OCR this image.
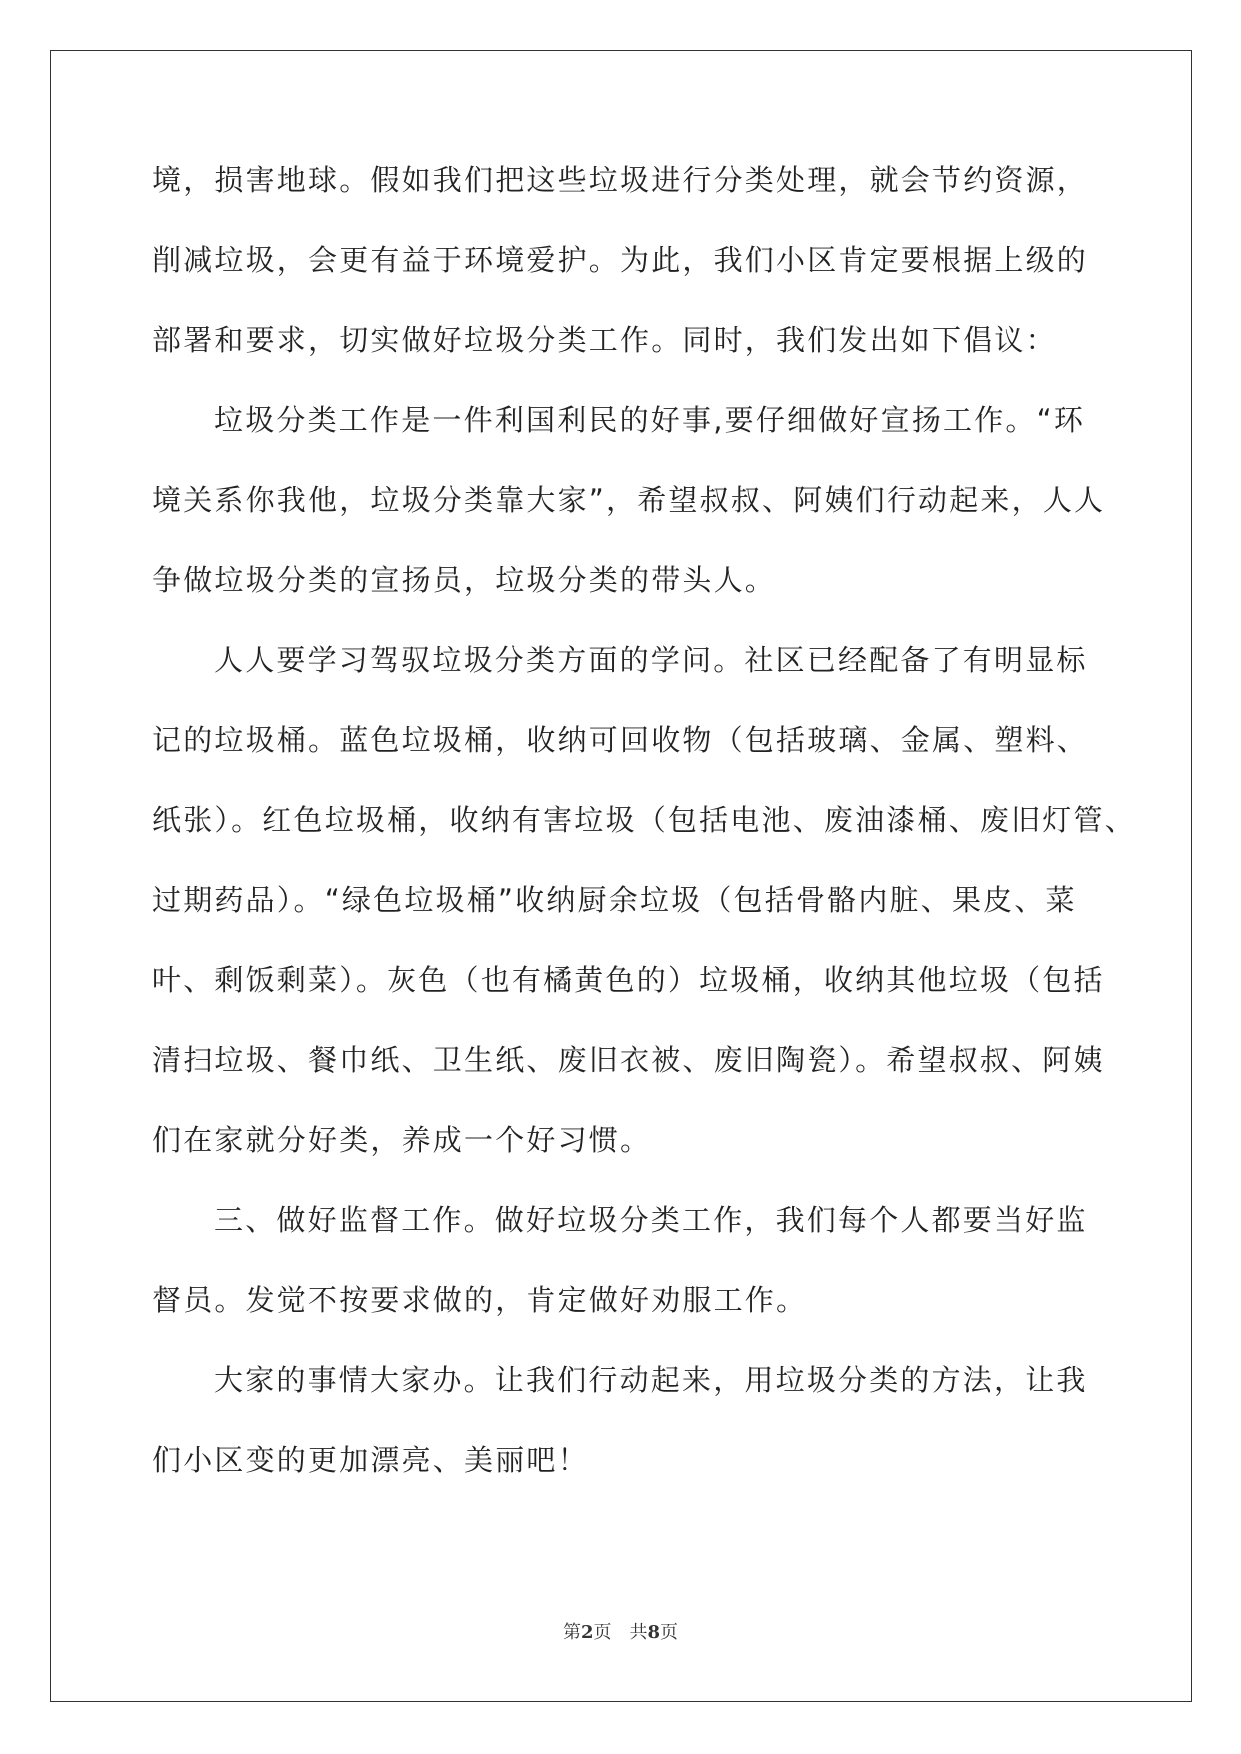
境，损害地球。假如我们把这些垃圾进行分类处理，就会节约资源，
削减垃圾，会更有益于环境爱护。为此，我们小区肯定要根据上级的
部署和要求，切实做好垃圾分类工作。同时，我们发出如下倡议：
垃圾分类工作是一件利国利民的好事,要仔细做好宣扬工作。“环
境关系你我他，垃圾分类靠大家”，希望叔叔、阿姨们行动起来，人人
争做垃圾分类的宣扬员，垃圾分类的带头人。
人人要学习驾驭垃圾分类方面的学问。社区已经配备了有明显标
记的垃圾桶。蓝色垃圾桶，收纳可回收物（包括玻璃、金属、塑料、
纸张）。红色垃圾桶，收纳有害垃圾（包括电池、废油漆桶、废旧灯管、
过期药品）。“绿色垃圾桶”收纳厨余垃圾（包括骨骼内脏、果皮、菜
叶、剩饭剩菜）。灰色（也有橘黄色的）垃圾桶，收纳其他垃圾（包括
清扫垃圾、餐巾纸、卫生纸、废旧衣被、废旧陶瓷）。希望叔叔、阿姨
们在家就分好类，养成一个好习惯。
三、做好监督工作。做好垃圾分类工作，我们每个人都要当好监
督员。发觉不按要求做的，肯定做好劝服工作。
大家的事情大家办。让我们行动起来，用垃圾分类的方法，让我
们小区变的更加漂亮、美丽吧！
第2页　共8页
